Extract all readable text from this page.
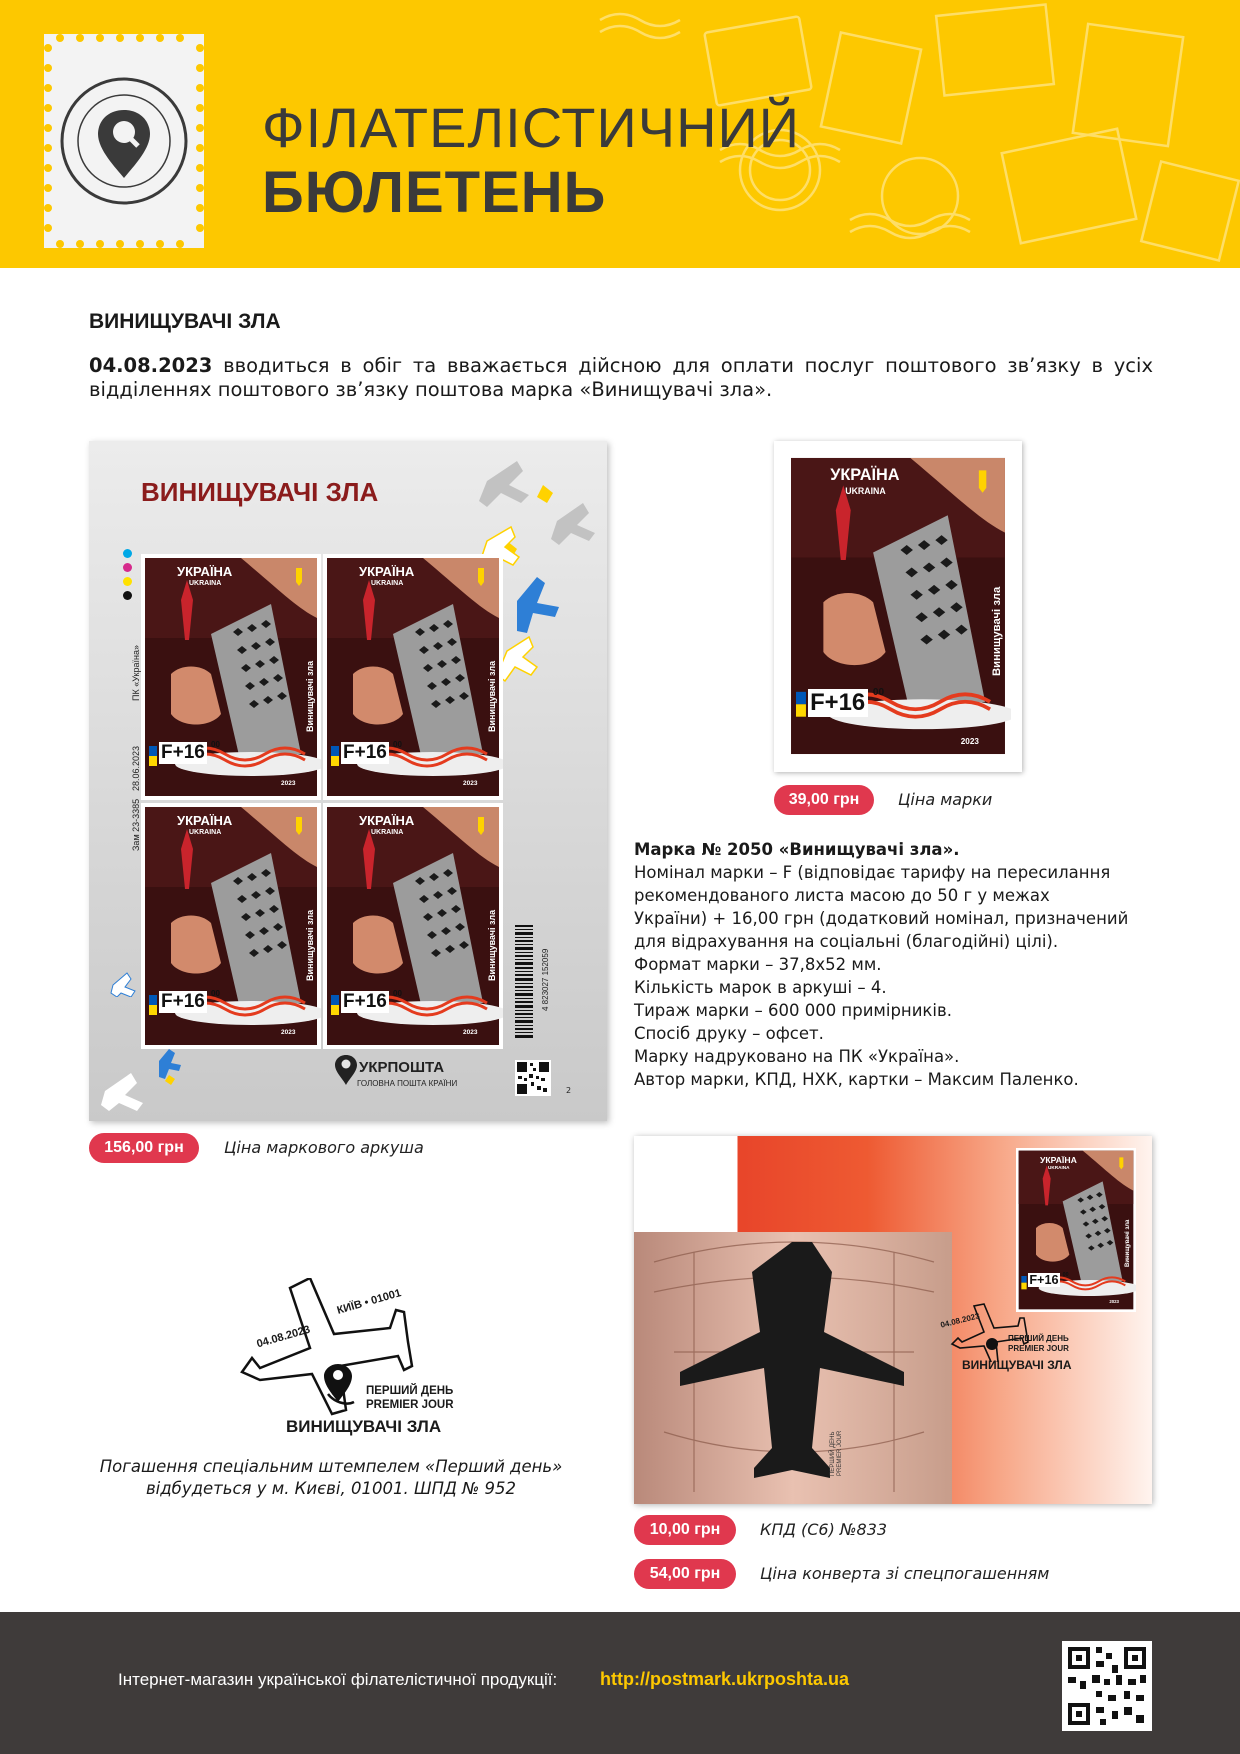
ФІЛАТЕЛІСТИЧНИЙ
БЮЛЕТЕНЬ
ВИНИЩУВАЧІ ЗЛА
04.08.2023 вводиться в обіг та вважається дійсною для оплати послуг поштового зв’язку в усіх відділеннях поштового зв’язку поштова марка «Винищувачі зла».
ВИНИЩУВАЧІ ЗЛА
ПК «Україна»
28.06.2023
Зам 23-3385
УКРАЇНА
UKRAINA
F+16 00
2023
Винищувачі зла
УКРАЇНА
UKRAINA
F+16 00
2023
Винищувачі зла
УКРАЇНА
UKRAINA
F+16 00
2023
Винищувачі зла
УКРАЇНА
UKRAINA
F+16 00
2023
Винищувачі зла	4 823027 152059
УКРПОШТА
ГОЛОВНА ПОШТА КРАЇНИ
2
156,00 грн	Ціна маркового аркуша
УКРАЇНА
UKRAINA
F+16 00
2023
Винищувачі зла
39,00 грн	Ціна марки
Марка № 2050 «Винищувачі зла».
Номінал марки – F (відповідає тарифу на пересилання
рекомендованого листа масою до 50 г у межах
України) + 16,00 грн (додатковий номінал, призначений
для відрахування на соціальні (благодійні) цілі).
Формат марки – 37,8х52 мм.
Кількість марок в аркуші – 4.
Тираж марки – 600 000 примірників.
Спосіб друку – офсет.
Марку надруковано на ПК «Україна».
Автор марки, КПД, НХК, картки – Максим Паленко.
04.08.2023
КИЇВ • 01001
ПЕРШИЙ ДЕНЬ
PREMIER JOUR
ВИНИЩУВАЧІ ЗЛА
Погашення спеціальним штемпелем «Перший день»
відбудеться у м. Києві, 01001. ШПД № 952
ПЕРШИЙ ДЕНЬ PREMIER JOUR
УКРАЇНА
UKRAINA
F+16 00
2023
Винищувачі зла
04.08.2023
ПЕРШИЙ ДЕНЬ
PREMIER JOUR
ВИНИЩУВАЧІ ЗЛА
10,00 грн	КПД (С6) №833
54,00 грн	Ціна конверта зі спецпогашенням
Інтернет-магазин української філателістичної продукції: http://postmark.ukrposhta.ua
